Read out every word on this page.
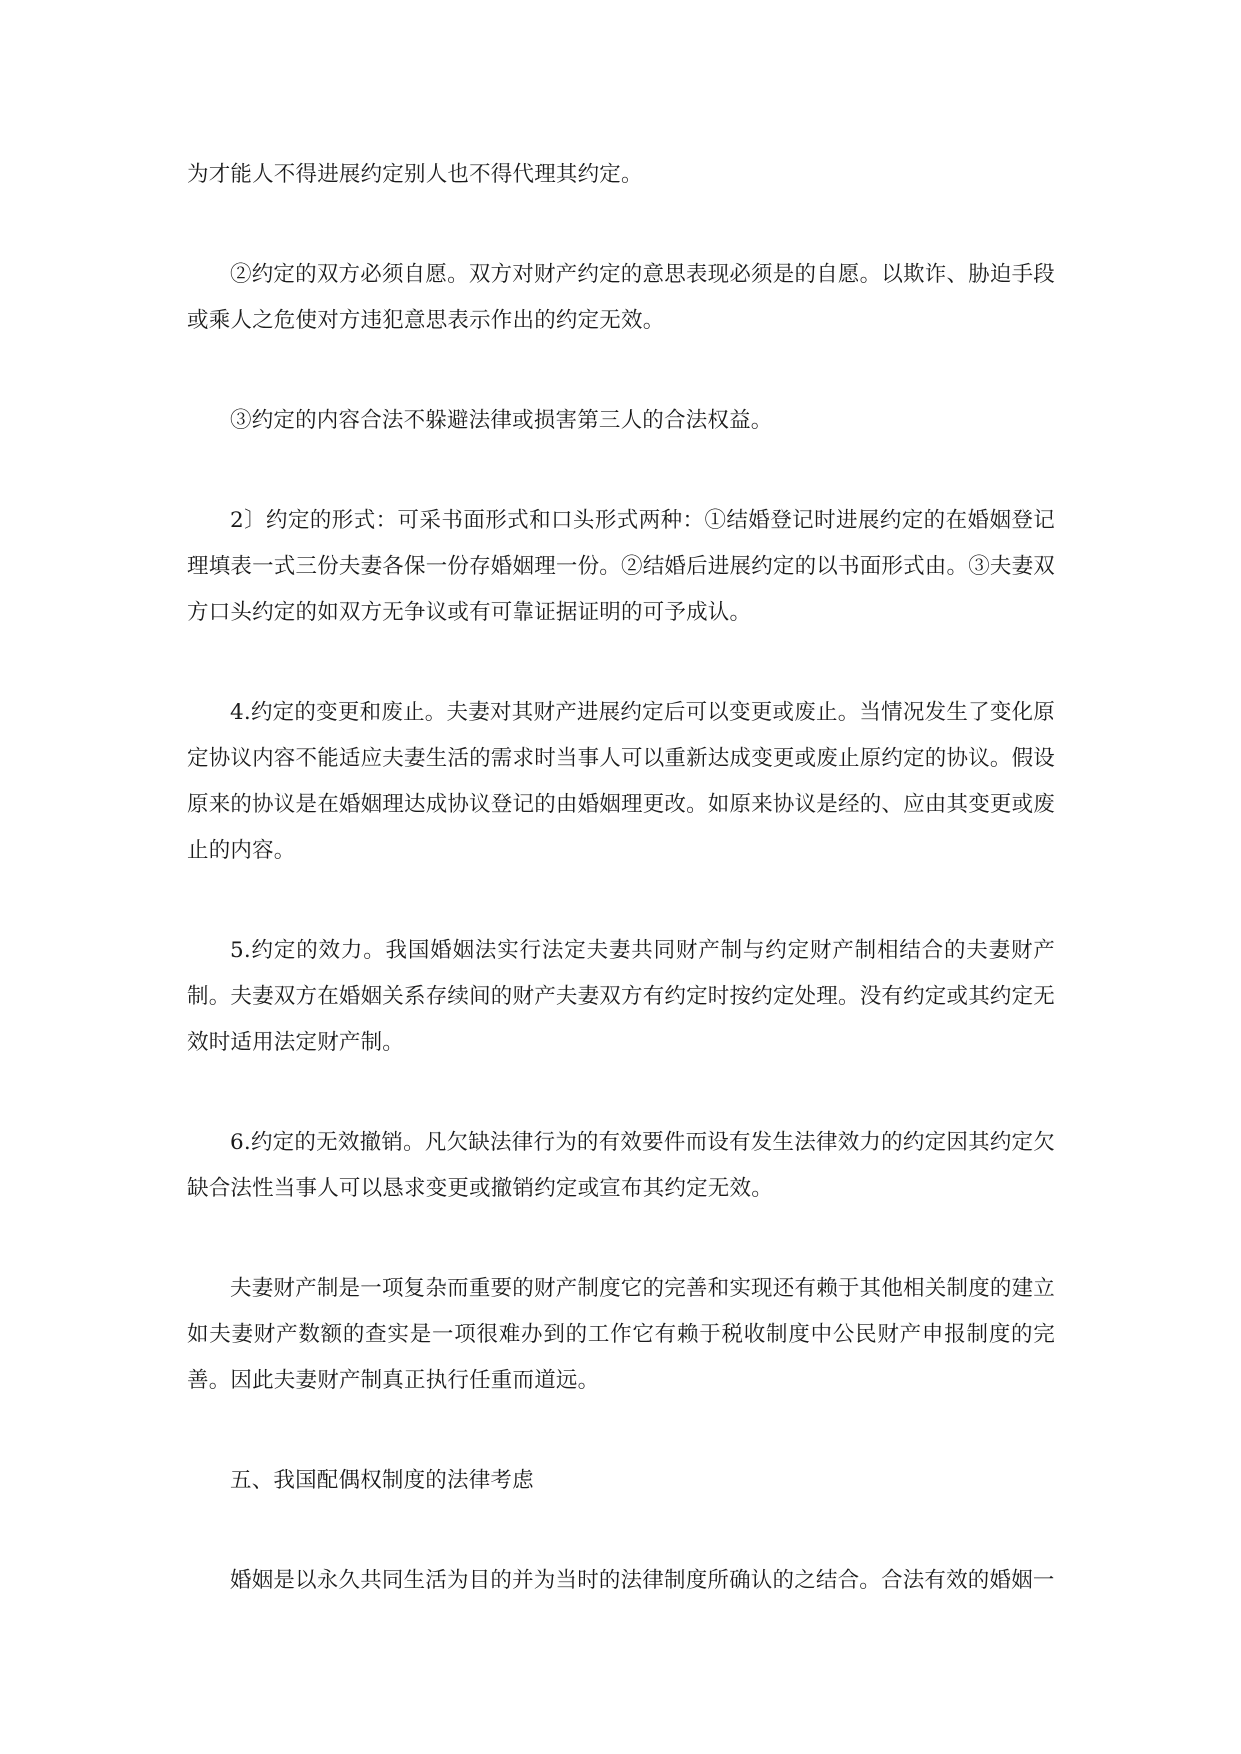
为才能人不得进展约定别人也不得代理其约定。

②约定的双方必须自愿。双方对财产约定的意思表现必须是的自愿。以欺诈、胁迫手段或乘人之危使对方违犯意思表示作出的约定无效。

③约定的内容合法不躲避法律或损害第三人的合法权益。

2〕约定的形式：可采书面形式和口头形式两种：①结婚登记时进展约定的在婚姻登记理填表一式三份夫妻各保一份存婚姻理一份。②结婚后进展约定的以书面形式由。③夫妻双方口头约定的如双方无争议或有可靠证据证明的可予成认。

4.约定的变更和废止。夫妻对其财产进展约定后可以变更或废止。当情况发生了变化原定协议内容不能适应夫妻生活的需求时当事人可以重新达成变更或废止原约定的协议。假设原来的协议是在婚姻理达成协议登记的由婚姻理更改。如原来协议是经的、应由其变更或废止的内容。

5.约定的效力。我国婚姻法实行法定夫妻共同财产制与约定财产制相结合的夫妻财产制。夫妻双方在婚姻关系存续间的财产夫妻双方有约定时按约定处理。没有约定或其约定无效时适用法定财产制。

6.约定的无效撤销。凡欠缺法律行为的有效要件而设有发生法律效力的约定因其约定欠缺合法性当事人可以恳求变更或撤销约定或宣布其约定无效。

夫妻财产制是一项复杂而重要的财产制度它的完善和实现还有赖于其他相关制度的建立如夫妻财产数额的查实是一项很难办到的工作它有赖于税收制度中公民财产申报制度的完善。因此夫妻财产制真正执行任重而道远。

五、我国配偶权制度的法律考虑

婚姻是以永久共同生活为目的并为当时的法律制度所确认的之结合。合法有效的婚姻一
